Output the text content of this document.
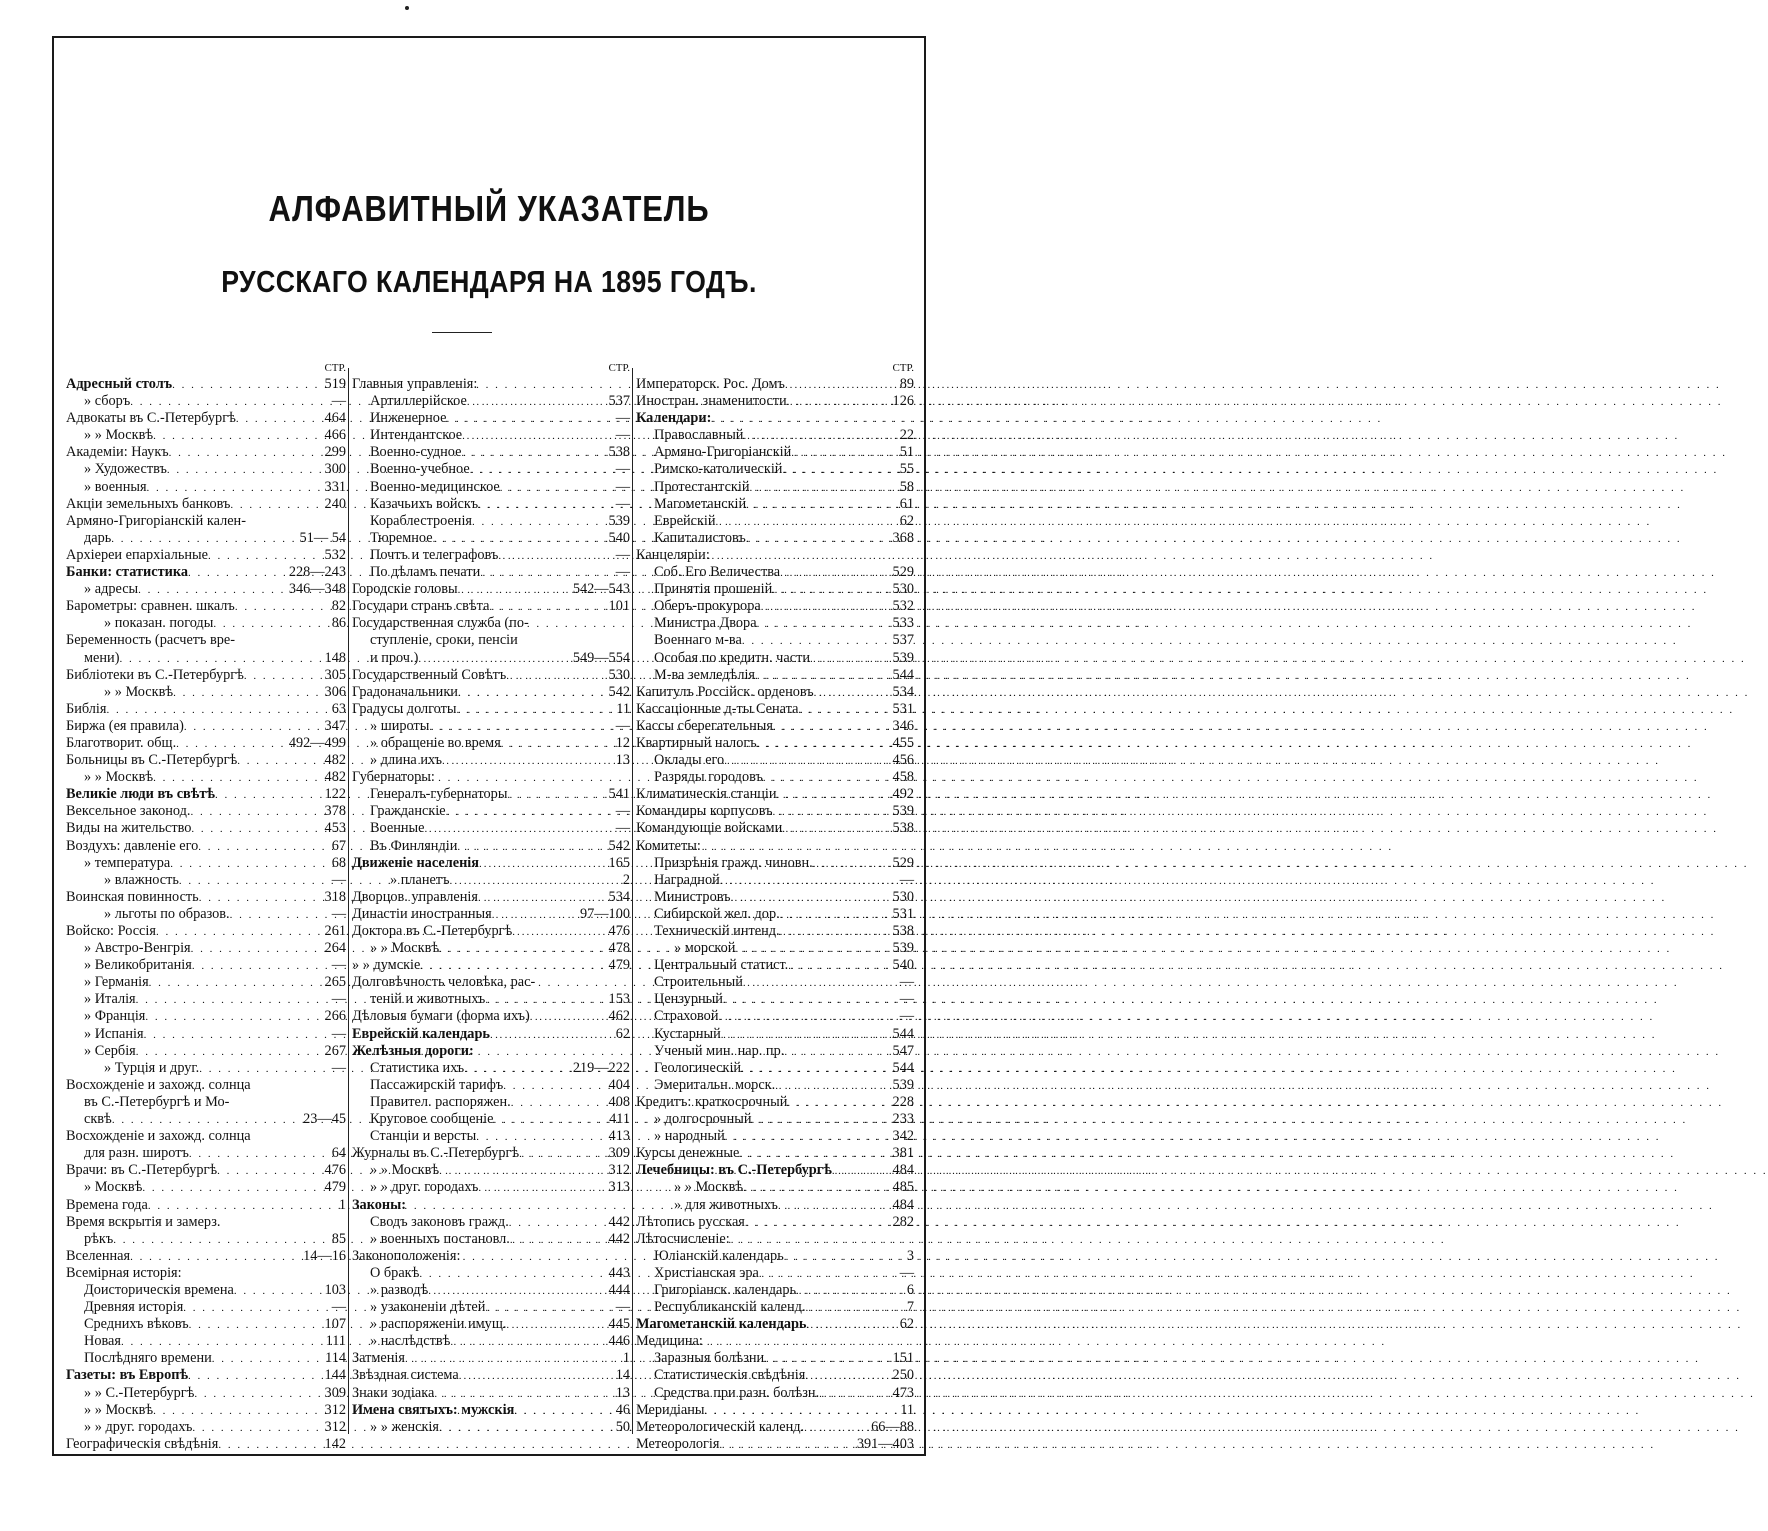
АЛФАВИТНЫЙ УКАЗАТЕЛЬ
РУССКАГО КАЛЕНДАРЯ НА 1895 ГОДЪ.
СТР.
Адресный столъ . . .	519
» сборъ . . .	—
Адвокаты въ С.-Петербургѣ . . .	464
» » Москвѣ . . .	466
Академіи: Наукъ . . .	299
» Художествъ . . .	300
» военныя . . .	331
Акціи земельныхъ банковъ . . .	240
Армяно-Григоріанскій кален-
дарь . . .	51— 54
Архіереи епархіальные . . .	532
Банки: статистика . . .	228—243
» адресы . . .	346—348
Барометры: сравнен. шкалъ . . .	82
» показан. погоды . . .	86
Беременность (расчетъ вре-
мени) . . .	148
Библіотеки въ С.-Петербургѣ . . .	305
» » Москвѣ . . .	306
Библія . . .	63
Биржа (ея правила) . . .	347
Благотворит. общ. . . .	492—499
Больницы въ С.-Петербургѣ . . .	482
» » Москвѣ . . .	482
Великіе люди въ свѣтѣ . . .	122
Вексельное законод. . . .	378
Виды на жительство . . .	453
Воздухъ: давленіе его . . .	67
» температура . . .	68
» влажность . . .	—
Воинская повинность . . .	318
» льготы по образов. . . .	—
Войско: Россія . . .	261
» Австро-Венгрія . . .	264
» Великобританія . . .	—
» Германія . . .	265
» Италія . . .	—
» Франція . . .	266
» Испанія . . .	—
» Сербія . . .	267
» Турція и друг. . . .	—
Восхожденіе и захожд. солнца
въ С.-Петербургѣ и Мо-
сквѣ . . .	23—45
Восхожденіе и захожд. солнца
для разн. широтъ . . .	64
Врачи: въ С.-Петербургѣ . . .	476
» Москвѣ . . .	479
Времена года . . .	1
Время вскрытія и замерз.
рѣкъ . . .	85
Вселенная . . .	14—16
Всемірная исторія:
Доисторическія времена . . .	103
Древняя исторія . . .	—
Среднихъ вѣковъ . . .	107
Новая . . .	111
Послѣдняго времени . . .	114
Газеты: въ Европѣ . . .	144
» » С.-Петербургѣ . . .	309
» » Москвѣ . . .	312
» » друг. городахъ . . .	312
Географическія свѣдѣнія . . .	142
СТР.
Главныя управленія:
Артиллерійское . . .	537
Инженерное . . .	—
Интендантское . . .	—
Военно-судное . . .	538
Военно-учебное . . .	—
Военно-медицинское . . .	—
Казачьихъ войскъ . . .	—
Кораблестроенія . . .	539
Тюремное . . .	540
Почтъ и телеграфовъ . . .	—
По дѣламъ печати . . .	—
Городскіе головы . . .	542—543
Государи странъ свѣта . . .	101
Государственная служба (по-
ступленіе, сроки, пенсіи
и проч.) . . .	549—554
Государственный Совѣтъ . . .	530
Градоначальники . . .	542
Градусы долготы . . .	11
» широты . . .	—
» обращеніе во время . . .	12
» длина ихъ . . .	13
Губернаторы:
Генералъ-губернаторы . . .	541
Гражданскіе . . .	—
Военные . . .	—
Въ Финляндіи . . .	542
Движеніе населенія . . .	165
» планетъ . . .	2
Дворцов. управленія . . .	534
Династіи иностранныя . . .	97—100
Доктора въ С.-Петербургѣ . . .	476
» » Москвѣ . . .	478
» » думскіе . . .	479
Долговѣчность человѣка, рас-
теній и животныхъ . . .	153
Дѣловыя бумаги (форма ихъ) . . .	462
Еврейскій календарь . . .	62
Желѣзныя дороги:
Статистика ихъ . . .	219—222
Пассажирскій тарифъ . . .	404
Правител. распоряжен. . . .	408
Круговое сообщеніе . . .	411
Станціи и версты . . .	413
Журналы въ С.-Петербургѣ . . .	309
» » Москвѣ . . .	312
» » друг. городахъ . . .	313
Законы:
Сводъ законовъ гражд. . . .	442
» военныхъ постановл. . . .	442
Законоположенія:
О бракѣ . . .	443
» разводѣ . . .	444
» узаконеніи дѣтей . . .	—
» распоряженіи имущ. . . .	445
» наслѣдствѣ . . .	446
Затменія . . .	1
Звѣздная система . . .	14
Знаки зодіака . . .	13
Имена святыхъ: мужскія . . .	46
» » женскія . . .	50
СТР.
Императорск. Рос. Домъ . . .	89
Иностран. знаменитости . . .	126
Календари:
Православный . . .	22
Армяно-Григоріанскій . . .	51
Римско-католическій . . .	55
Протестантскій . . .	58
Магометанскій . . .	61
Еврейскій . . .	62
Капиталистовъ . . .	368
Канцеляріи:
Соб. Его Величества . . .	529
Принятія прошеній . . .	530
Оберъ-прокурора . . .	532
Министра Двора . . .	533
Военнаго м-ва . . .	537
Особая по кредитн. части . . .	539
М-ва земледѣлія . . .	544
Капитулъ Россійск. орденовъ . . .	534
Кассаціонные д-ты Сената . . .	531
Кассы сберегательныя . . .	346
Квартирный налогъ . . .	455
Оклады его . . .	456
Разряды городовъ . . .	458
Климатическія станціи . . .	492
Командиры корпусовъ . . .	539
Командующіе войсками . . .	538
Комитеты:
Призрѣнія гражд. чиновн. . . .	529
Наградной . . .	—
Министровъ . . .	530
Сибирской жел. дор. . . .	531
Техническій интенд. . . .	538
» морской . . .	539
Центральный статист. . . .	540
Строительный . . .	—
Цензурный . . .	—
Страховой . . .	—
Кустарный . . .	544
Ученый мин. нар. пр. . . .	547
Геологическій . . .	544
Эмеритальн. морск. . . .	539
Кредитъ: краткосрочный . . .	228
» долгосрочный . . .	233
» народный . . .	342
Курсы денежные . . .	381
Лечебницы: въ С.-Петербургѣ . . .	484
» » Москвѣ . . .	485
» для животныхъ . . .	484
Лѣтопись русская . . .	282
Лѣтосчисленіе:
Юліанскій календарь . . .	3
Христіанская эра . . .	—
Григоріанск. календарь . . .	6
Республиканскій календ. . . .	7
Магометанскій календарь . . .	62
Медицина:
Заразныя болѣзни . . .	151
Статистическія свѣдѣнія . . .	250
Средства при разн. болѣзн. . . .	473
Меридіаны . . .	11
Метеорологическій календ. . . .	66—88
Метеорологія . . .	391—403
